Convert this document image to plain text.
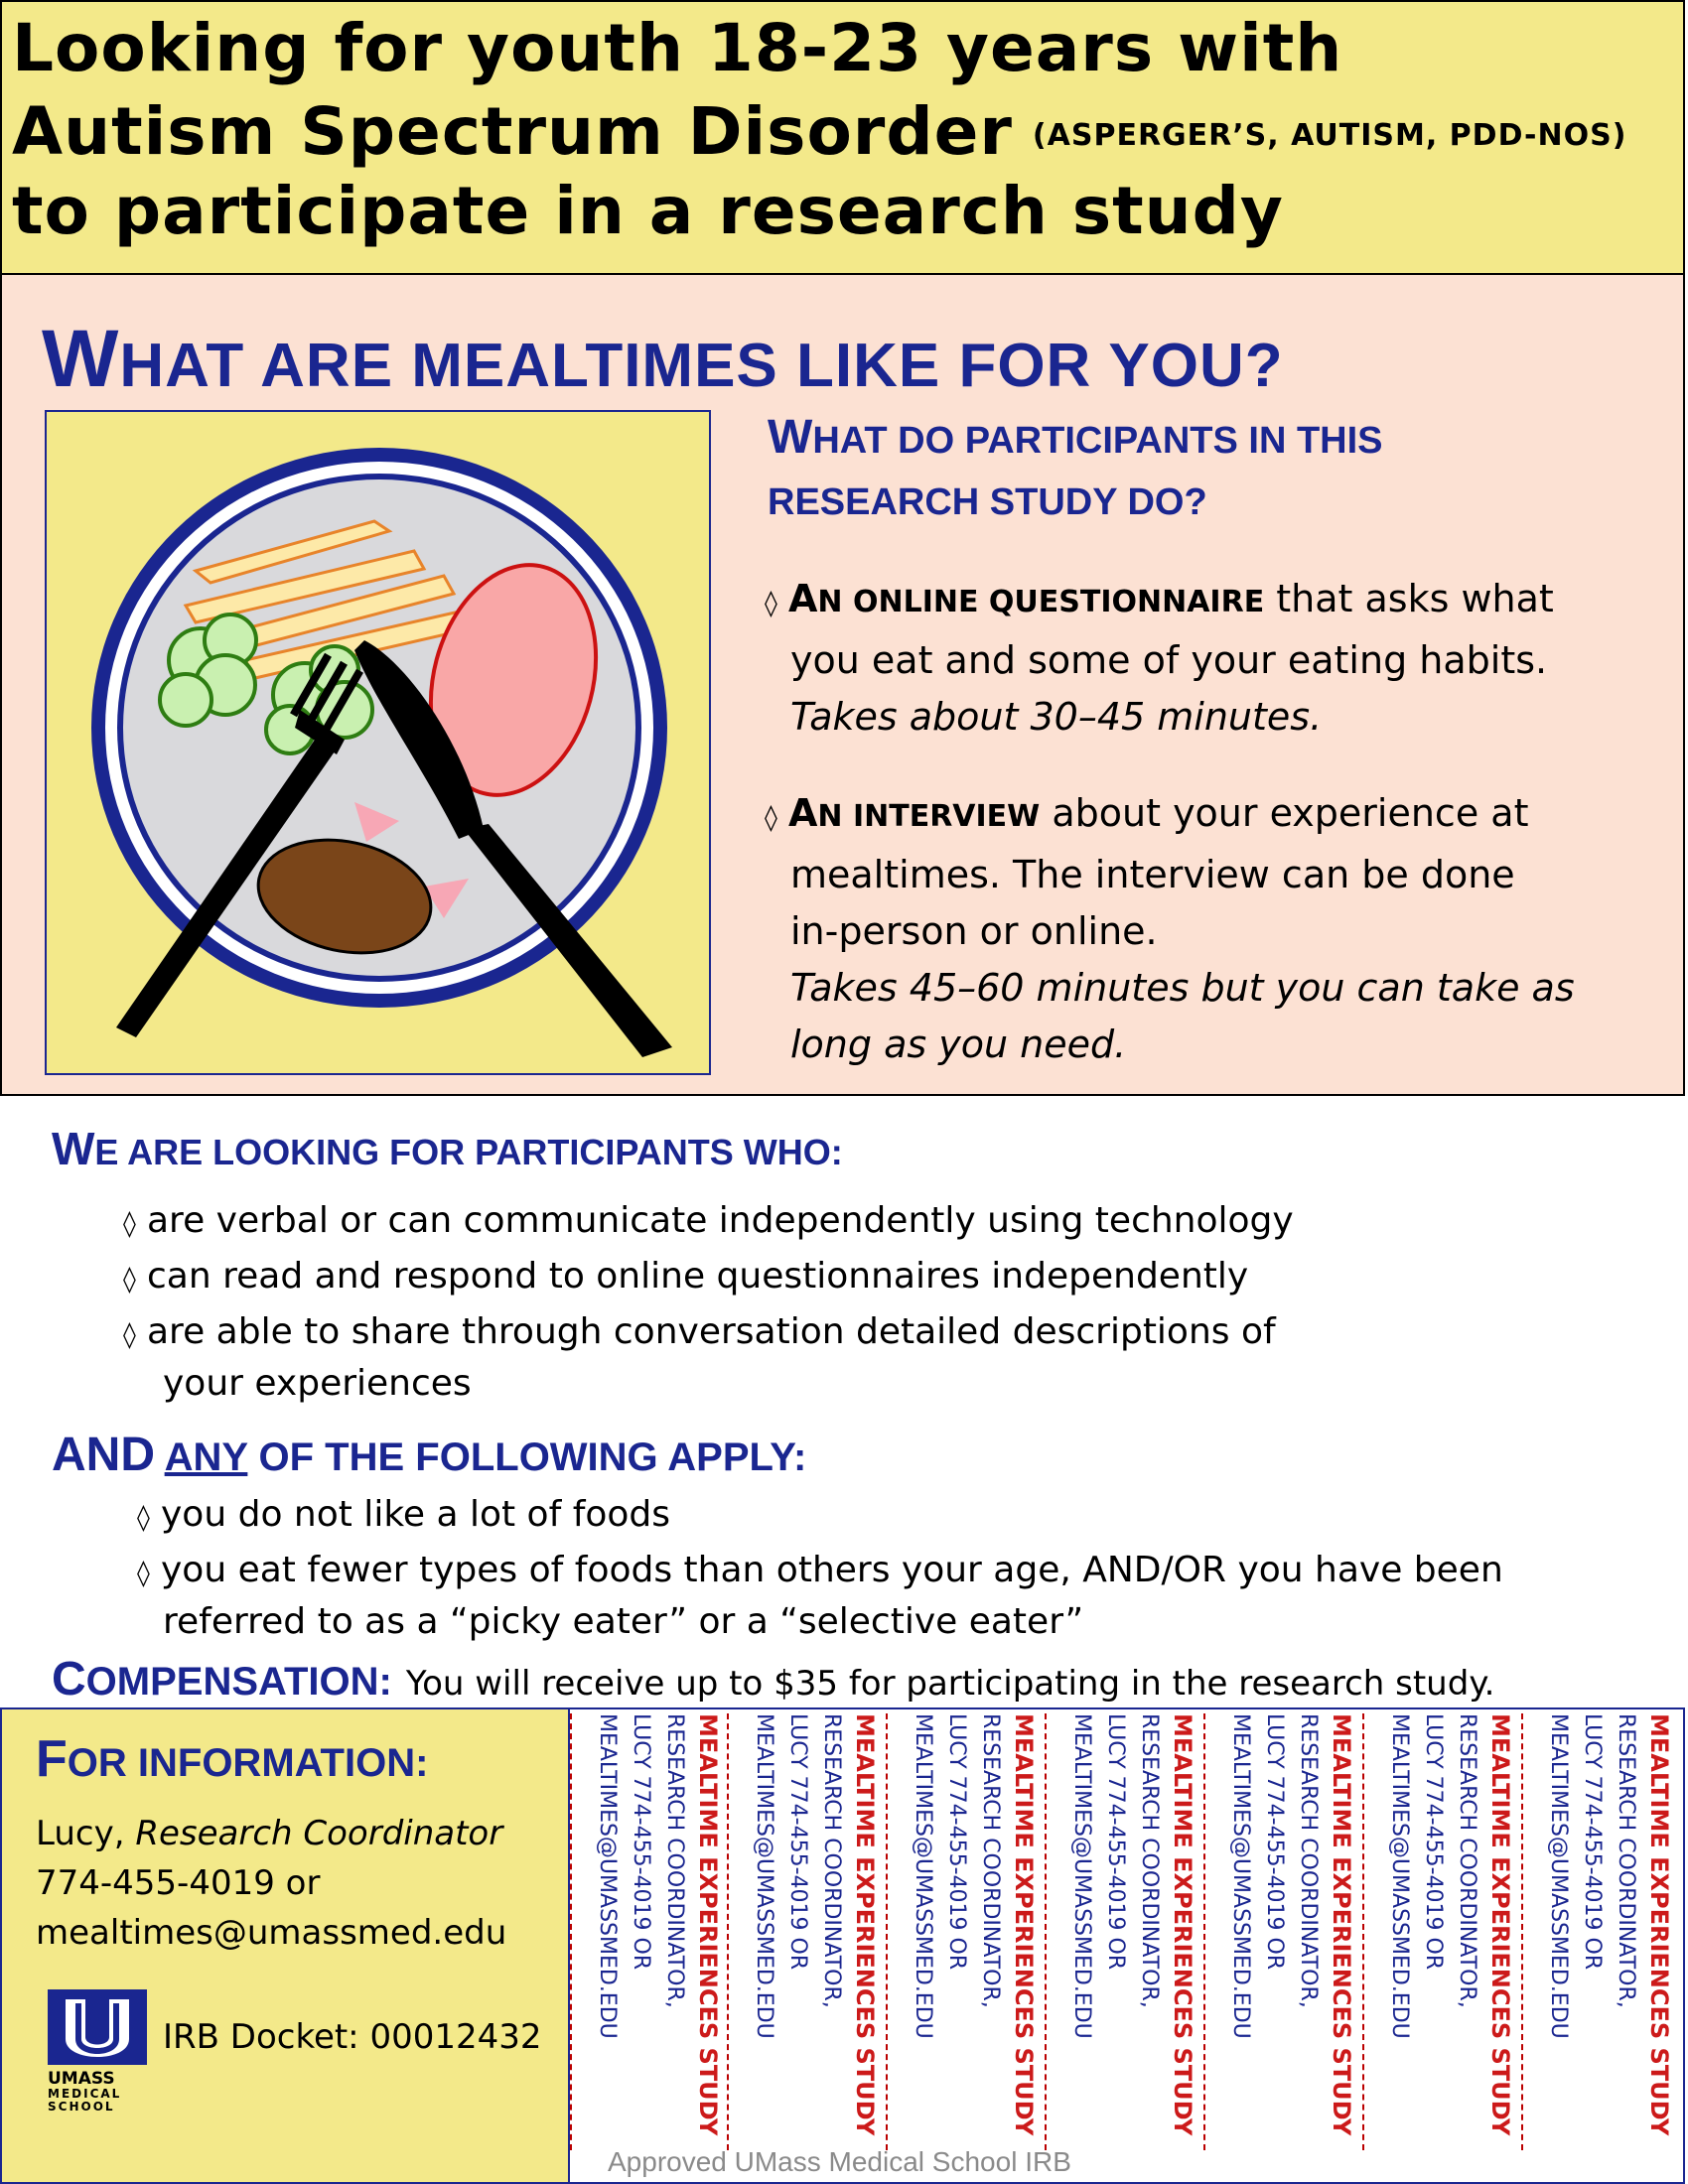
Looking for youth 18-23 years with
Autism Spectrum Disorder (ASPERGER’S, AUTISM, PDD-NOS)
to participate in a research study
WHAT ARE MEALTIMES LIKE FOR YOU?
WHAT DO PARTICIPANTS IN THIS
RESEARCH STUDY DO?
◊ AN ONLINE QUESTIONNAIRE that asks what
you eat and some of your eating habits.
Takes about 30–45 minutes.
◊ AN INTERVIEW about your experience at
mealtimes. The interview can be done
in-person or online.
Takes 45–60 minutes but you can take as
long as you need.
WE ARE LOOKING FOR PARTICIPANTS WHO:
◊ are verbal or can communicate independently using technology
◊ can read and respond to online questionnaires independently
◊ are able to share through conversation detailed descriptions of
your experiences
AND ANY OF THE FOLLOWING APPLY:
◊ you do not like a lot of foods
◊ you eat fewer types of foods than others your age, AND/OR you have been
referred to as a “picky eater” or a “selective eater”
COMPENSATION: You will receive up to $35 for participating in the research study.
FOR INFORMATION:
Lucy, Research Coordinator
774-455-4019 or
mealtimes@umassmed.edu
UMASS
MEDICAL
SCHOOL
IRB Docket: 00012432	MEALTIME EXPERIENCES STUDY
RESEARCH COORDINATOR,
LUCY 774-455-4019 OR
MEALTIMES@UMASSMED.EDU	MEALTIME EXPERIENCES STUDY
RESEARCH COORDINATOR,
LUCY 774-455-4019 OR
MEALTIMES@UMASSMED.EDU	MEALTIME EXPERIENCES STUDY
RESEARCH COORDINATOR,
LUCY 774-455-4019 OR
MEALTIMES@UMASSMED.EDU	MEALTIME EXPERIENCES STUDY
RESEARCH COORDINATOR,
LUCY 774-455-4019 OR
MEALTIMES@UMASSMED.EDU	MEALTIME EXPERIENCES STUDY
RESEARCH COORDINATOR,
LUCY 774-455-4019 OR
MEALTIMES@UMASSMED.EDU	MEALTIME EXPERIENCES STUDY
RESEARCH COORDINATOR,
LUCY 774-455-4019 OR
MEALTIMES@UMASSMED.EDU	MEALTIME EXPERIENCES STUDY
RESEARCH COORDINATOR,
LUCY 774-455-4019 OR
MEALTIMES@UMASSMED.EDU
Approved UMass Medical School IRB
